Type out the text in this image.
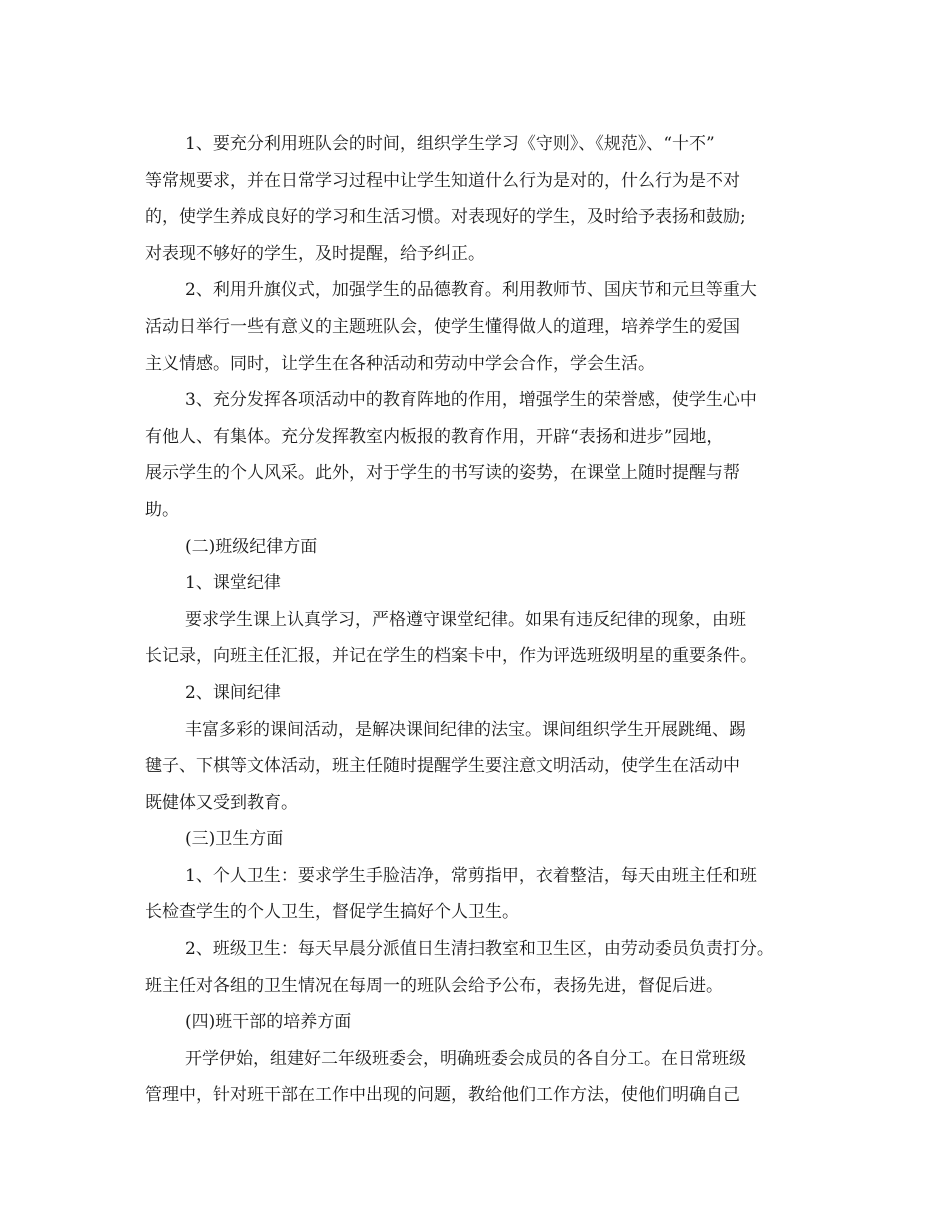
1、要充分利用班队会的时间，组织学生学习《守则》、《规范》、“十不”
等常规要求，并在日常学习过程中让学生知道什么行为是对的，什么行为是不对
的，使学生养成良好的学习和生活习惯。对表现好的学生，及时给予表扬和鼓励;
对表现不够好的学生，及时提醒，给予纠正。
2、利用升旗仪式，加强学生的品德教育。利用教师节、国庆节和元旦等重大
活动日举行一些有意义的主题班队会，使学生懂得做人的道理，培养学生的爱国
主义情感。同时，让学生在各种活动和劳动中学会合作，学会生活。
3、充分发挥各项活动中的教育阵地的作用，增强学生的荣誉感，使学生心中
有他人、有集体。充分发挥教室内板报的教育作用，开辟“表扬和进步”园地，
展示学生的个人风采。此外，对于学生的书写读的姿势，在课堂上随时提醒与帮
助。
(二)班级纪律方面
1、课堂纪律
要求学生课上认真学习，严格遵守课堂纪律。如果有违反纪律的现象，由班
长记录，向班主任汇报，并记在学生的档案卡中，作为评选班级明星的重要条件。
2、课间纪律
丰富多彩的课间活动，是解决课间纪律的法宝。课间组织学生开展跳绳、踢
毽子、下棋等文体活动，班主任随时提醒学生要注意文明活动，使学生在活动中
既健体又受到教育。
(三)卫生方面
1、个人卫生：要求学生手脸洁净，常剪指甲，衣着整洁，每天由班主任和班
长检查学生的个人卫生，督促学生搞好个人卫生。
2、班级卫生：每天早晨分派值日生清扫教室和卫生区，由劳动委员负责打分。
班主任对各组的卫生情况在每周一的班队会给予公布，表扬先进，督促后进。
(四)班干部的培养方面
开学伊始，组建好二年级班委会，明确班委会成员的各自分工。在日常班级
管理中，针对班干部在工作中出现的问题，教给他们工作方法，使他们明确自己
